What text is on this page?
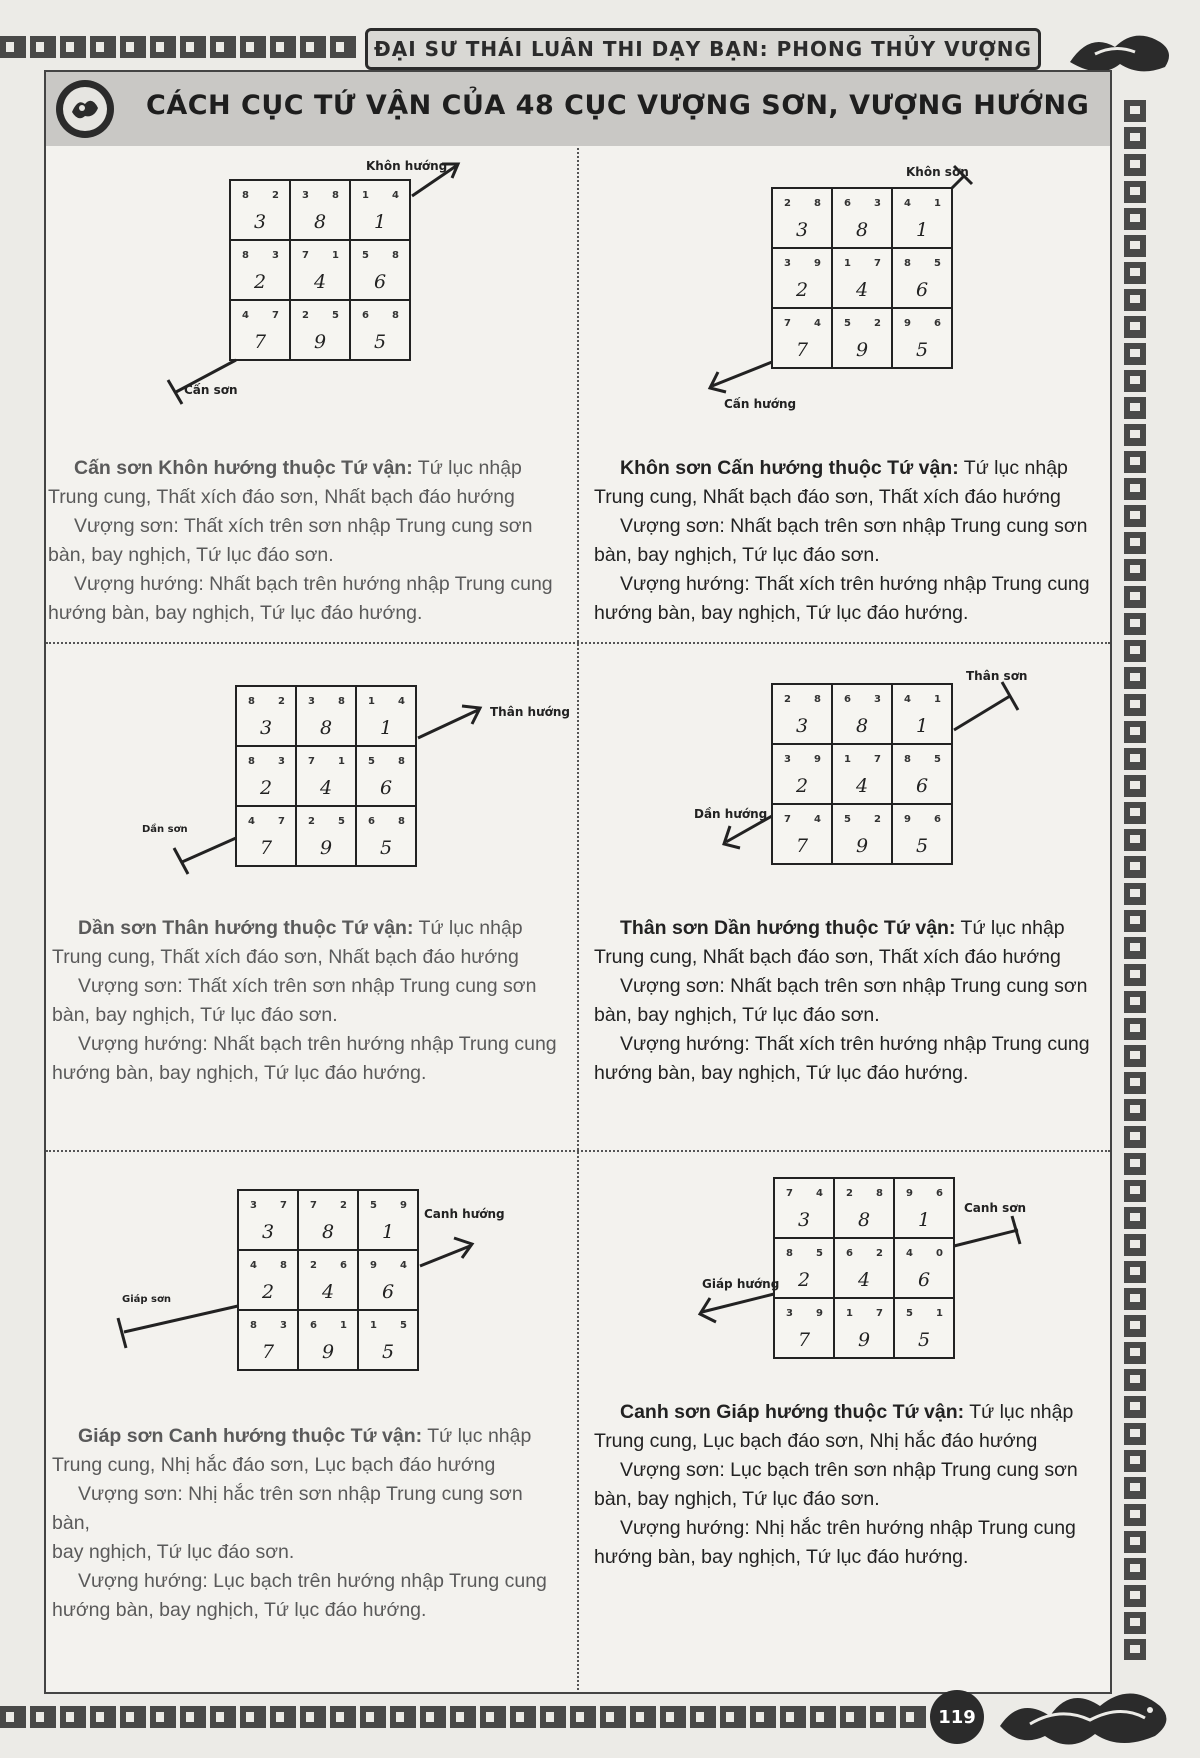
ĐẠI SƯ THÁI LUÂN THI DẠY BẠN: PHONG THỦY VƯỢNG
CÁCH CỤC TỨ VẬN CỦA 48 CỤC VƯỢNG SƠN, VƯỢNG HƯỚNG
8 2
3
3 8
8
1 4
1
8 3
2
7 1
4
5 8
6
4 7
7
2 5
9
6 8
5
Khôn hướng
Cấn sơn

Cấn sơn Khôn hướng thuộc Tứ vận: Tứ lục nhập

Trung cung, Thất xích đáo sơn, Nhất bạch đáo hướng

Vượng sơn: Thất xích trên sơn nhập Trung cung sơn

bàn, bay nghịch, Tứ lục đáo sơn.

Vượng hướng: Nhất bạch trên hướng nhập Trung cung

hướng bàn, bay nghịch, Tứ lục đáo hướng.

2 8
3
6 3
8
4 1
1
3 9
2
1 7
4
8 5
6
7 4
7
5 2
9
9 6
5
Khôn sơn
Cấn hướng

Khôn sơn Cấn hướng thuộc Tứ vận: Tứ lục nhập

Trung cung, Nhất bạch đáo sơn, Thất xích đáo hướng

Vượng sơn: Nhất bạch trên sơn nhập Trung cung sơn

bàn, bay nghịch, Tứ lục đáo sơn.

Vượng hướng: Thất xích trên hướng nhập Trung cung

hướng bàn, bay nghịch, Tứ lục đáo hướng.

8 2
3
3 8
8
1 4
1
8 3
2
7 1
4
5 8
6
4 7
7
2 5
9
6 8
5
Thân hướng
Dần sơn

Dần sơn Thân hướng thuộc Tứ vận: Tứ lục nhập

Trung cung, Thất xích đáo sơn, Nhất bạch đáo hướng

Vượng sơn: Thất xích trên sơn nhập Trung cung sơn

bàn, bay nghịch, Tứ lục đáo sơn.

Vượng hướng: Nhất bạch trên hướng nhập Trung cung

hướng bàn, bay nghịch, Tứ lục đáo hướng.

2 8
3
6 3
8
4 1
1
3 9
2
1 7
4
8 5
6
7 4
7
5 2
9
9 6
5
Thân sơn
Dần hướng

Thân sơn Dần hướng thuộc Tứ vận: Tứ lục nhập

Trung cung, Nhất bạch đáo sơn, Thất xích đáo hướng

Vượng sơn: Nhất bạch trên sơn nhập Trung cung sơn

bàn, bay nghịch, Tứ lục đáo sơn.

Vượng hướng: Thất xích trên hướng nhập Trung cung

hướng bàn, bay nghịch, Tứ lục đáo hướng.

3 7
3
7 2
8
5 9
1
4 8
2
2 6
4
9 4
6
8 3
7
6 1
9
1 5
5
Canh hướng
Giáp sơn

Giáp sơn Canh hướng thuộc Tứ vận: Tứ lục nhập

Trung cung, Nhị hắc đáo sơn, Lục bạch đáo hướng

Vượng sơn: Nhị hắc trên sơn nhập Trung cung sơn bàn,

bay nghịch, Tứ lục đáo sơn.

Vượng hướng: Lục bạch trên hướng nhập Trung cung

hướng bàn, bay nghịch, Tứ lục đáo hướng.

7 4
3
2 8
8
9 6
1
8 5
2
6 2
4
4 0
6
3 9
7
1 7
9
5 1
5
Canh sơn
Giáp hướng

Canh sơn Giáp hướng thuộc Tứ vận: Tứ lục nhập

Trung cung, Lục bạch đáo sơn, Nhị hắc đáo hướng

Vượng sơn: Lục bạch trên sơn nhập Trung cung sơn

bàn, bay nghịch, Tứ lục đáo sơn.

Vượng hướng: Nhị hắc trên hướng nhập Trung cung

hướng bàn, bay nghịch, Tứ lục đáo hướng.

119
